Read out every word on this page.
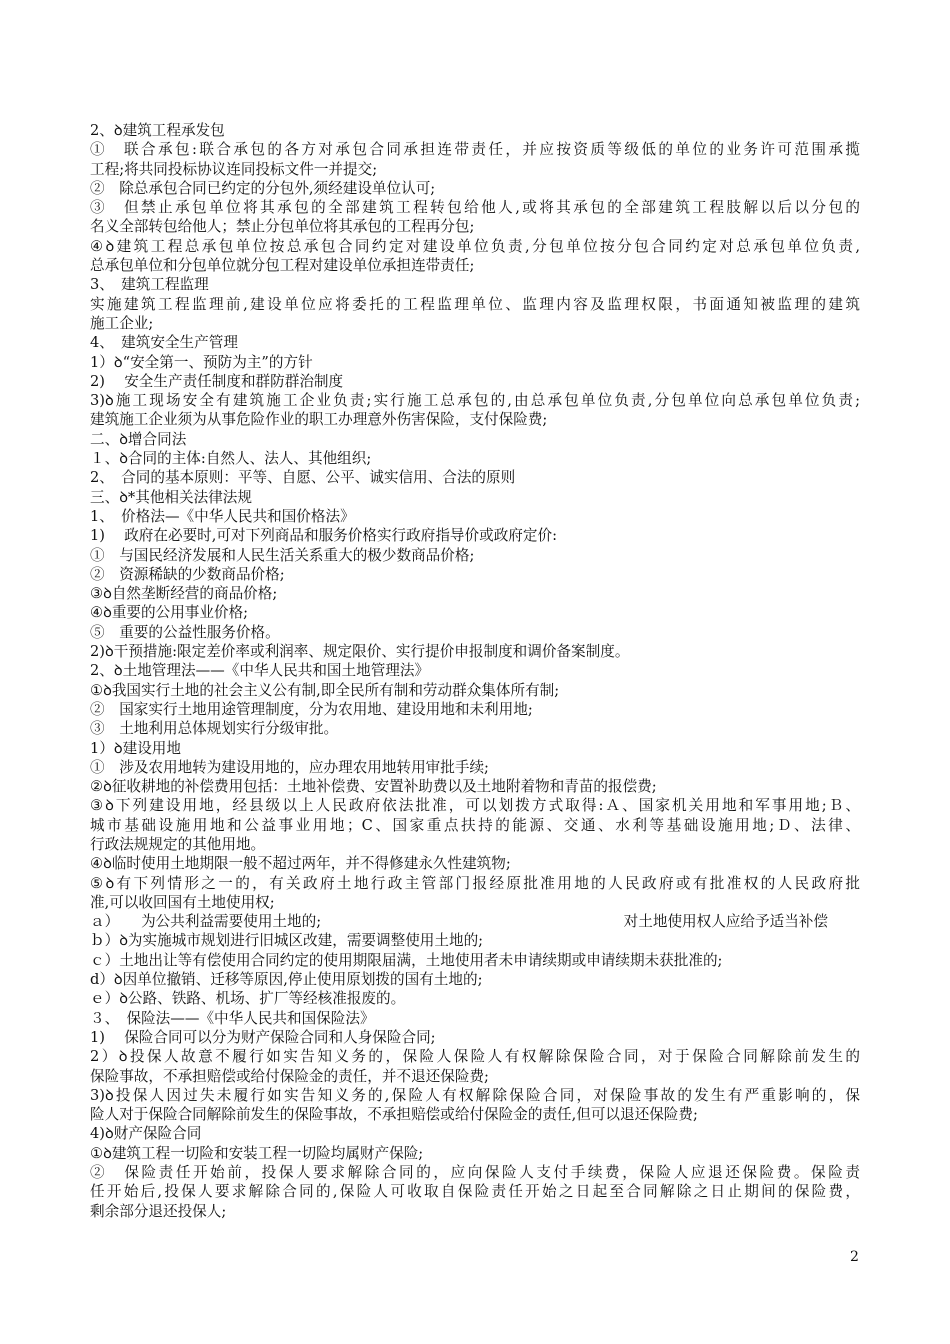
2、ꝺ建筑工程承发包
①　联合承包:联合承包的各方对承包合同承担连带责任，并应按资质等级低的单位的业务许可范围承揽
工程;将共同投标协议连同投标文件一并提交;
②　除总承包合同已约定的分包外,须经建设单位认可;
③　但禁止承包单位将其承包的全部建筑工程转包给他人,或将其承包的全部建筑工程肢解以后以分包的
名义全部转包给他人；禁止分包单位将其承包的工程再分包;
④ꝺ建筑工程总承包单位按总承包合同约定对建设单位负责,分包单位按分包合同约定对总承包单位负责,
总承包单位和分包单位就分包工程对建设单位承担连带责任;
3、　建筑工程监理
实施建筑工程监理前,建设单位应将委托的工程监理单位、监理内容及监理权限，书面通知被监理的建筑
施工企业;
4、　建筑安全生产管理
1）ꝺ“安全第一、预防为主”的方针
2)　 安全生产责任制度和群防群治制度
3)ꝺ施工现场安全有建筑施工企业负责;实行施工总承包的,由总承包单位负责,分包单位向总承包单位负责;
建筑施工企业须为从事危险作业的职工办理意外伤害保险，支付保险费;
二、ꝺ增合同法
１、ꝺ合同的主体:自然人、法人、其他组织;
2、　合同的基本原则：平等、自愿、公平、诚实信用、合法的原则
三、ꝺ*其他相关法律法规
1、　价格法—《中华人民共和国价格法》
1)　 政府在必要时,可对下列商品和服务价格实行政府指导价或政府定价:
①　与国民经济发展和人民生活关系重大的极少数商品价格;
②　资源稀缺的少数商品价格;
③ꝺ自然垄断经营的商品价格;
④ꝺ重要的公用事业价格;
⑤　重要的公益性服务价格。
2)ꝺ干预措施:限定差价率或利润率、规定限价、实行提价申报制度和调价备案制度。
2、ꝺ土地管理法——《中华人民共和国土地管理法》
①ꝺ我国实行土地的社会主义公有制,即全民所有制和劳动群众集体所有制;
②　国家实行土地用途管理制度，分为农用地、建设用地和未利用地;
③　土地利用总体规划实行分级审批。
1）ꝺ建设用地
①　涉及农用地转为建设用地的，应办理农用地转用审批手续;
②ꝺ征收耕地的补偿费用包括：土地补偿费、安置补助费以及土地附着物和青苗的报偿费;
③ꝺ下列建设用地，经县级以上人民政府依法批准，可以划拨方式取得:Ａ、国家机关用地和军事用地;Ｂ、
城市基础设施用地和公益事业用地；C、国家重点扶持的能源、交通、水利等基础设施用地;Ｄ、法律、
行政法规规定的其他用地。
④ꝺ临时使用土地期限一般不超过两年，并不得修建永久性建筑物;
⑤ꝺ有下列情形之一的，有关政府土地行政主管部门报经原批准用地的人民政府或有批准权的人民政府批
准,可以收回国有土地使用权;
ａ）　　为公共利益需要使用土地的;	对土地使用权人应给予适当补偿
ｂ）ꝺ为实施城市规划进行旧城区改建，需要调整使用土地的;
ｃ）土地出让等有偿使用合同约定的使用期限届满，土地使用者未申请续期或申请续期未获批准的;
d）ꝺ因单位撤销、迁移等原因,停止使用原划拨的国有土地的;
ｅ）ꝺ公路、铁路、机场、扩厂等经核准报废的。
３、　保险法——《中华人民共和国保险法》
1)　 保险合同可以分为财产保险合同和人身保险合同;
2）ꝺ投保人故意不履行如实告知义务的，保险人保险人有权解除保险合同，对于保险合同解除前发生的
保险事故，不承担赔偿或给付保险金的责任，并不退还保险费;
3)ꝺ投保人因过失未履行如实告知义务的,保险人有权解除保险合同，对保险事故的发生有严重影响的，保
险人对于保险合同解除前发生的保险事故，不承担赔偿或给付保险金的责任,但可以退还保险费;
4)ꝺ财产保险合同
①ꝺ建筑工程一切险和安装工程一切险均属财产保险;
②　保险责任开始前，投保人要求解除合同的，应向保险人支付手续费，保险人应退还保险费。保险责
任开始后,投保人要求解除合同的,保险人可收取自保险责任开始之日起至合同解除之日止期间的保险费，
剩余部分退还投保人;
2
